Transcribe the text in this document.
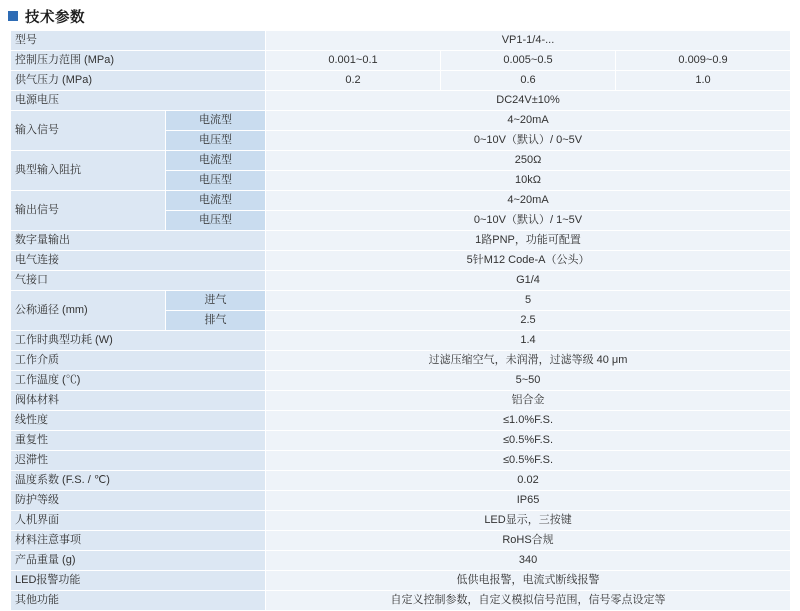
技术参数
型号		VP1-1/4-...		
控制压力范围 (MPa)		0.001~0.1	0.005~0.5	0.009~0.9
供气压力 (MPa)		0.2	0.6	1.0
电源电压		DC24V±10%		
输入信号	电流型	4~20mA		
	电压型	0~10V（默认）/ 0~5V		
典型输入阻抗	电流型	250Ω		
	电压型	10kΩ		
输出信号	电流型	4~20mA		
	电压型	0~10V（默认）/ 1~5V		
数字量输出		1路PNP，功能可配置		
电气连接		5针M12 Code-A（公头）		
气接口		G1/4		
公称通径 (mm)	进气	5		
	排气	2.5		
工作时典型功耗 (W)		1.4		
工作介质		过滤压缩空气，未润滑，过滤等级 40 μm		
工作温度 (℃)		5~50		
阀体材料		铝合金		
线性度		≤1.0%F.S.		
重复性		≤0.5%F.S.		
迟滞性		≤0.5%F.S.		
温度系数 (F.S. / ℃)		0.02		
防护等级		IP65		
人机界面		LED显示，三按键		
材料注意事项		RoHS合规		
产品重量 (g)		340		
LED报警功能		低供电报警，电流式断线报警		
其他功能		自定义控制参数，自定义模拟信号范围，信号零点设定等		
